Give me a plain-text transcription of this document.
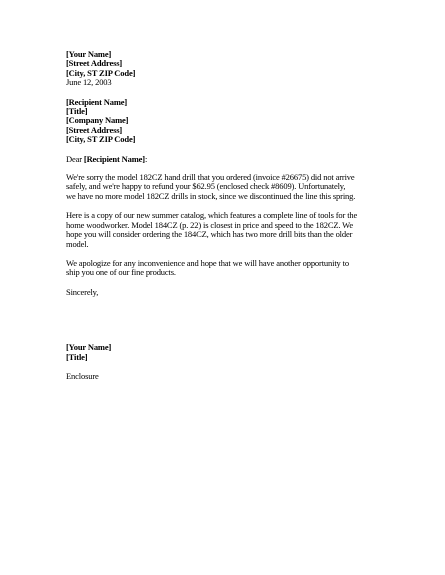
[Your Name]
[Street Address]
[City, ST ZIP Code]
June 12, 2003
[Recipient Name]
[Title]
[Company Name]
[Street Address]
[City, ST ZIP Code]
Dear [Recipient Name]:
We're sorry the model 182CZ hand drill that you ordered (invoice #26675) did not arrive
safely, and we're happy to refund your $62.95 (enclosed check #8609). Unfortunately,
we have no more model 182CZ drills in stock, since we discontinued the line this spring.
Here is a copy of our new summer catalog, which features a complete line of tools for the
home woodworker. Model 184CZ (p. 22) is closest in price and speed to the 182CZ. We
hope you will consider ordering the 184CZ, which has two more drill bits than the older
model.
We apologize for any inconvenience and hope that we will have another opportunity to
ship you one of our fine products.
Sincerely,
[Your Name]
[Title]
Enclosure
